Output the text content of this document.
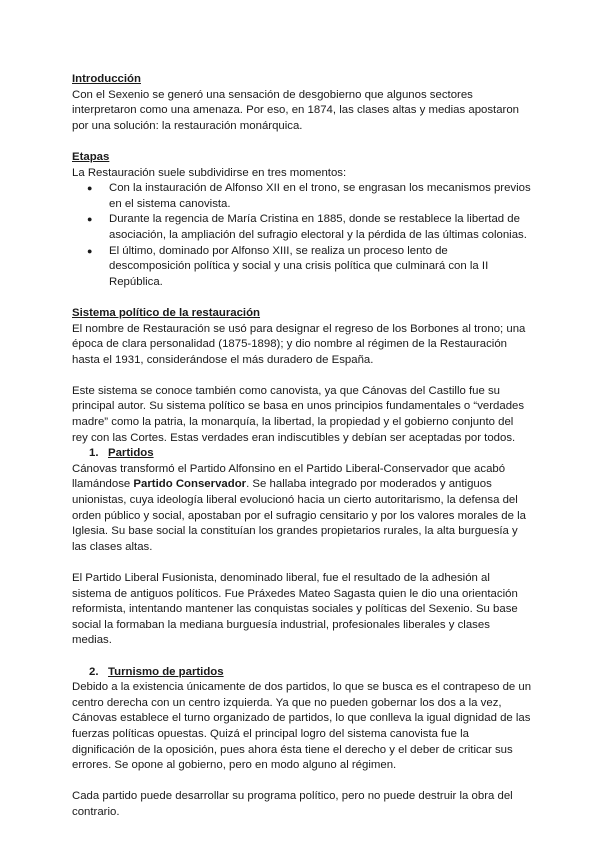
Introducción

Con el Sexenio se generó una sensación de desgobierno que algunos sectores interpretaron como una amenaza. Por eso, en 1874, las clases altas y medias apostaron por una solución: la restauración monárquica.

Etapas

La Restauración suele subdividirse en tres momentos:

● Con la instauración de Alfonso XII en el trono, se engrasan los mecanismos previos en el sistema canovista.
● Durante la regencia de María Cristina en 1885, donde se restablece la libertad de asociación, la ampliación del sufragio electoral y la pérdida de las últimas colonias.
● El último, dominado por Alfonso XIII, se realiza un proceso lento de descomposición política y social y una crisis política que culminará con la II República.
Sistema político de la restauración

El nombre de Restauración se usó para designar el regreso de los Borbones al trono; una época de clara personalidad (1875-1898); y dio nombre al régimen de la Restauración hasta el 1931, considerándose el más duradero de España.

Este sistema se conoce también como canovista, ya que Cánovas del Castillo fue su principal autor. Su sistema político se basa en unos principios fundamentales o “verdades madre” como la patria, la monarquía, la libertad, la propiedad y el gobierno conjunto del rey con las Cortes. Estas verdades eran indiscutibles y debían ser aceptadas por todos.

1. Partidos

Cánovas transformó el Partido Alfonsino en el Partido Liberal-Conservador que acabó llamándose Partido Conservador. Se hallaba integrado por moderados y antiguos unionistas, cuya ideología liberal evolucionó hacia un cierto autoritarismo, la defensa del orden público y social, apostaban por el sufragio censitario y por los valores morales de la Iglesia. Su base social la constituían los grandes propietarios rurales, la alta burguesía y las clases altas.

El Partido Liberal Fusionista, denominado liberal, fue el resultado de la adhesión al sistema de antiguos políticos. Fue Práxedes Mateo Sagasta quien le dio una orientación reformista, intentando mantener las conquistas sociales y políticas del Sexenio. Su base social la formaban la mediana burguesía industrial, profesionales liberales y clases medias.

2. Turnismo de partidos

Debido a la existencia únicamente de dos partidos, lo que se busca es el contrapeso de un centro derecha con un centro izquierda. Ya que no pueden gobernar los dos a la vez, Cánovas establece el turno organizado de partidos, lo que conlleva la igual dignidad de las fuerzas políticas opuestas. Quizá el principal logro del sistema canovista fue la dignificación de la oposición, pues ahora ésta tiene el derecho y el deber de criticar sus errores. Se opone al gobierno, pero en modo alguno al régimen.

Cada partido puede desarrollar su programa político, pero no puede destruir la obra del contrario.
